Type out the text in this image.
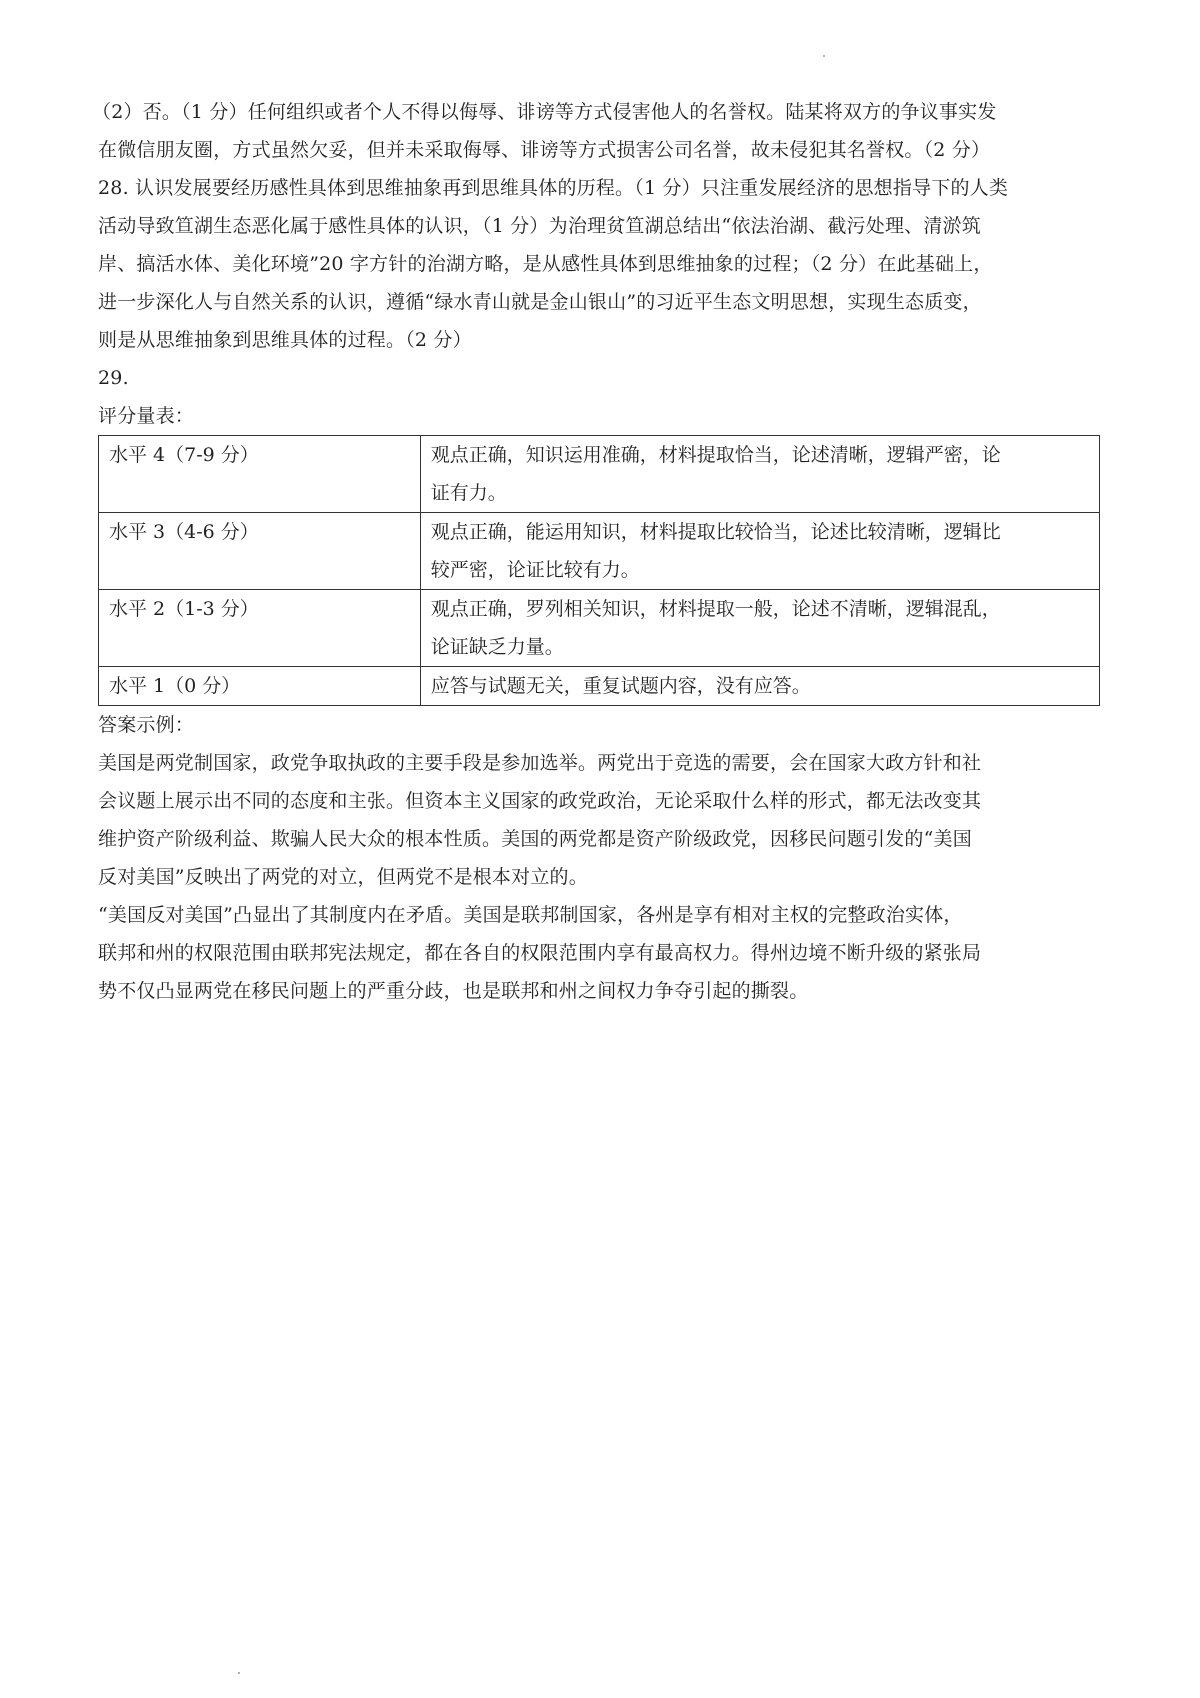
（2）否。（1 分）任何组织或者个人不得以侮辱、诽谤等方式侵害他人的名誉权。陆某将双方的争议事实发
在微信朋友圈，方式虽然欠妥，但并未采取侮辱、诽谤等方式损害公司名誉，故未侵犯其名誉权。（2 分）
28. 认识发展要经历感性具体到思维抽象再到思维具体的历程。（1 分）只注重发展经济的思想指导下的人类
活动导致笪湖生态恶化属于感性具体的认识，（1 分）为治理贫笪湖总结出“依法治湖、截污处理、清淤筑
岸、搞活水体、美化环境”20 字方针的治湖方略，是从感性具体到思维抽象的过程；（2 分）在此基础上，
进一步深化人与自然关系的认识，遵循“绿水青山就是金山银山”的习近平生态文明思想，实现生态质变，
则是从思维抽象到思维具体的过程。（2 分）
29.
评分量表：
水平 4（7-9 分）	观点正确，知识运用准确，材料提取恰当，论述清晰，逻辑严密，论
证有力。

水平 3（4-6 分）	观点正确，能运用知识，材料提取比较恰当，论述比较清晰，逻辑比
较严密，论证比较有力。

水平 2（1-3 分）	观点正确，罗列相关知识，材料提取一般，论述不清晰，逻辑混乱，
论证缺乏力量。

水平 1（0 分）	应答与试题无关，重复试题内容，没有应答。
答案示例：
美国是两党制国家，政党争取执政的主要手段是参加选举。两党出于竞选的需要，会在国家大政方针和社
会议题上展示出不同的态度和主张。但资本主义国家的政党政治，无论采取什么样的形式，都无法改变其
维护资产阶级利益、欺骗人民大众的根本性质。美国的两党都是资产阶级政党，因移民问题引发的“美国
反对美国”反映出了两党的对立，但两党不是根本对立的。
“美国反对美国”凸显出了其制度内在矛盾。美国是联邦制国家，各州是享有相对主权的完整政治实体，
联邦和州的权限范围由联邦宪法规定，都在各自的权限范围内享有最高权力。得州边境不断升级的紧张局
势不仅凸显两党在移民问题上的严重分歧，也是联邦和州之间权力争夺引起的撕裂。
